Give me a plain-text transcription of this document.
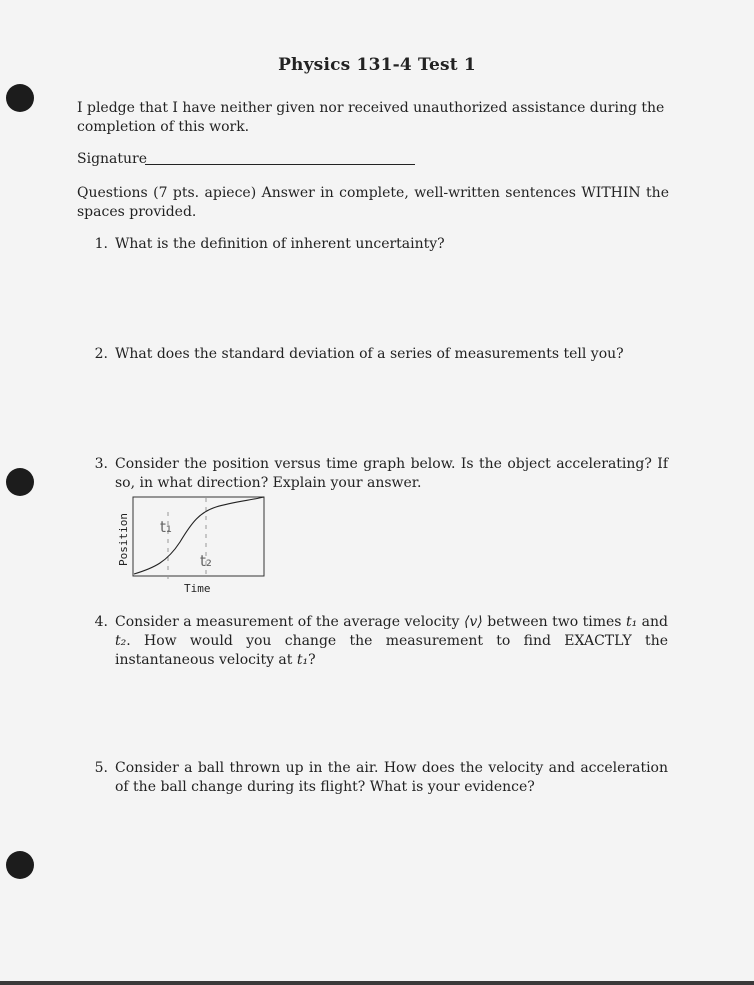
Physics 131-4 Test 1
I pledge that I have neither given nor received unauthorized assistance during the completion of this work.
Signature
Questions (7 pts. apiece) Answer in complete, well-written sentences WITHIN the spaces provided.
1. What is the definition of inherent uncertainty?
2. What does the standard deviation of a series of measurements tell you?
3. Consider the position versus time graph below. Is the object accelerating? If so, in what direction? Explain your answer.
t₁
t₂
Position
Time
4. Consider a measurement of the average velocity ⟨v⟩ between two times t₁ and t₂. How would you change the measurement to find EXACTLY the instantaneous velocity at t₁?
5. Consider a ball thrown up in the air. How does the velocity and acceleration of the ball change during its flight? What is your evidence?
